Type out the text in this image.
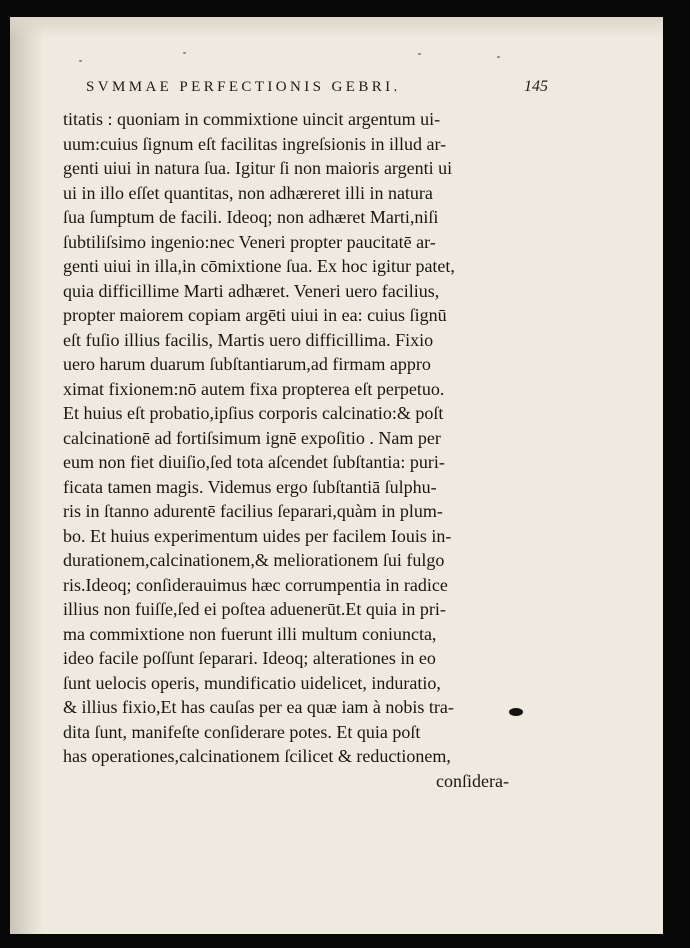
SVMMAE PERFECTIONIS GEBRI.	145
titatis : quoniam in commixtione uincit argentum ui-
uum:cuius ſignum eſt facilitas ingreſsionis in illud ar-
genti uiui in natura ſua. Igitur ſi non maioris argenti ui
ui in illo eſſet quantitas, non adhæreret illi in natura
ſua ſumptum de facili. Ideoq; non adhæret Marti,niſi
ſubtiliſsimo ingenio:nec Veneri propter paucitatē ar-
genti uiui in illa,in cōmixtione ſua. Ex hoc igitur patet,
quia difficillime Marti adhæret. Veneri uero facilius,
propter maiorem copiam argēti uiui in ea: cuius ſignū
eſt fuſio illius facilis, Martis uero difficillima. Fixio
uero harum duarum ſubſtantiarum,ad firmam appro
ximat fixionem:nō autem fixa propterea eſt perpetuo.
Et huius eſt probatio,ipſius corporis calcinatio:& poſt
calcinationē ad fortiſsimum ignē expoſitio . Nam per
eum non fiet diuiſio,ſed tota aſcendet ſubſtantia: puri-
ficata tamen magis. Videmus ergo ſubſtantiā ſulphu-
ris in ſtanno adurentē facilius ſeparari,quàm in plum-
bo. Et huius experimentum uides per facilem Iouis in-
durationem,calcinationem,& meliorationem ſui fulgo
ris.Ideoq; conſiderauimus hæc corrumpentia in radice
illius non fuiſſe,ſed ei poſtea aduenerūt.Et quia in pri-
ma commixtione non fuerunt illi multum coniuncta,
ideo facile poſſunt ſeparari. Ideoq; alterationes in eo
ſunt uelocis operis, mundificatio uidelicet, induratio,
& illius fixio,Et has cauſas per ea quæ iam à nobis tra-
dita ſunt, manifeſte conſiderare potes. Et quia poſt
has operationes,calcinationem ſcilicet & reductionem,
conſidera-
